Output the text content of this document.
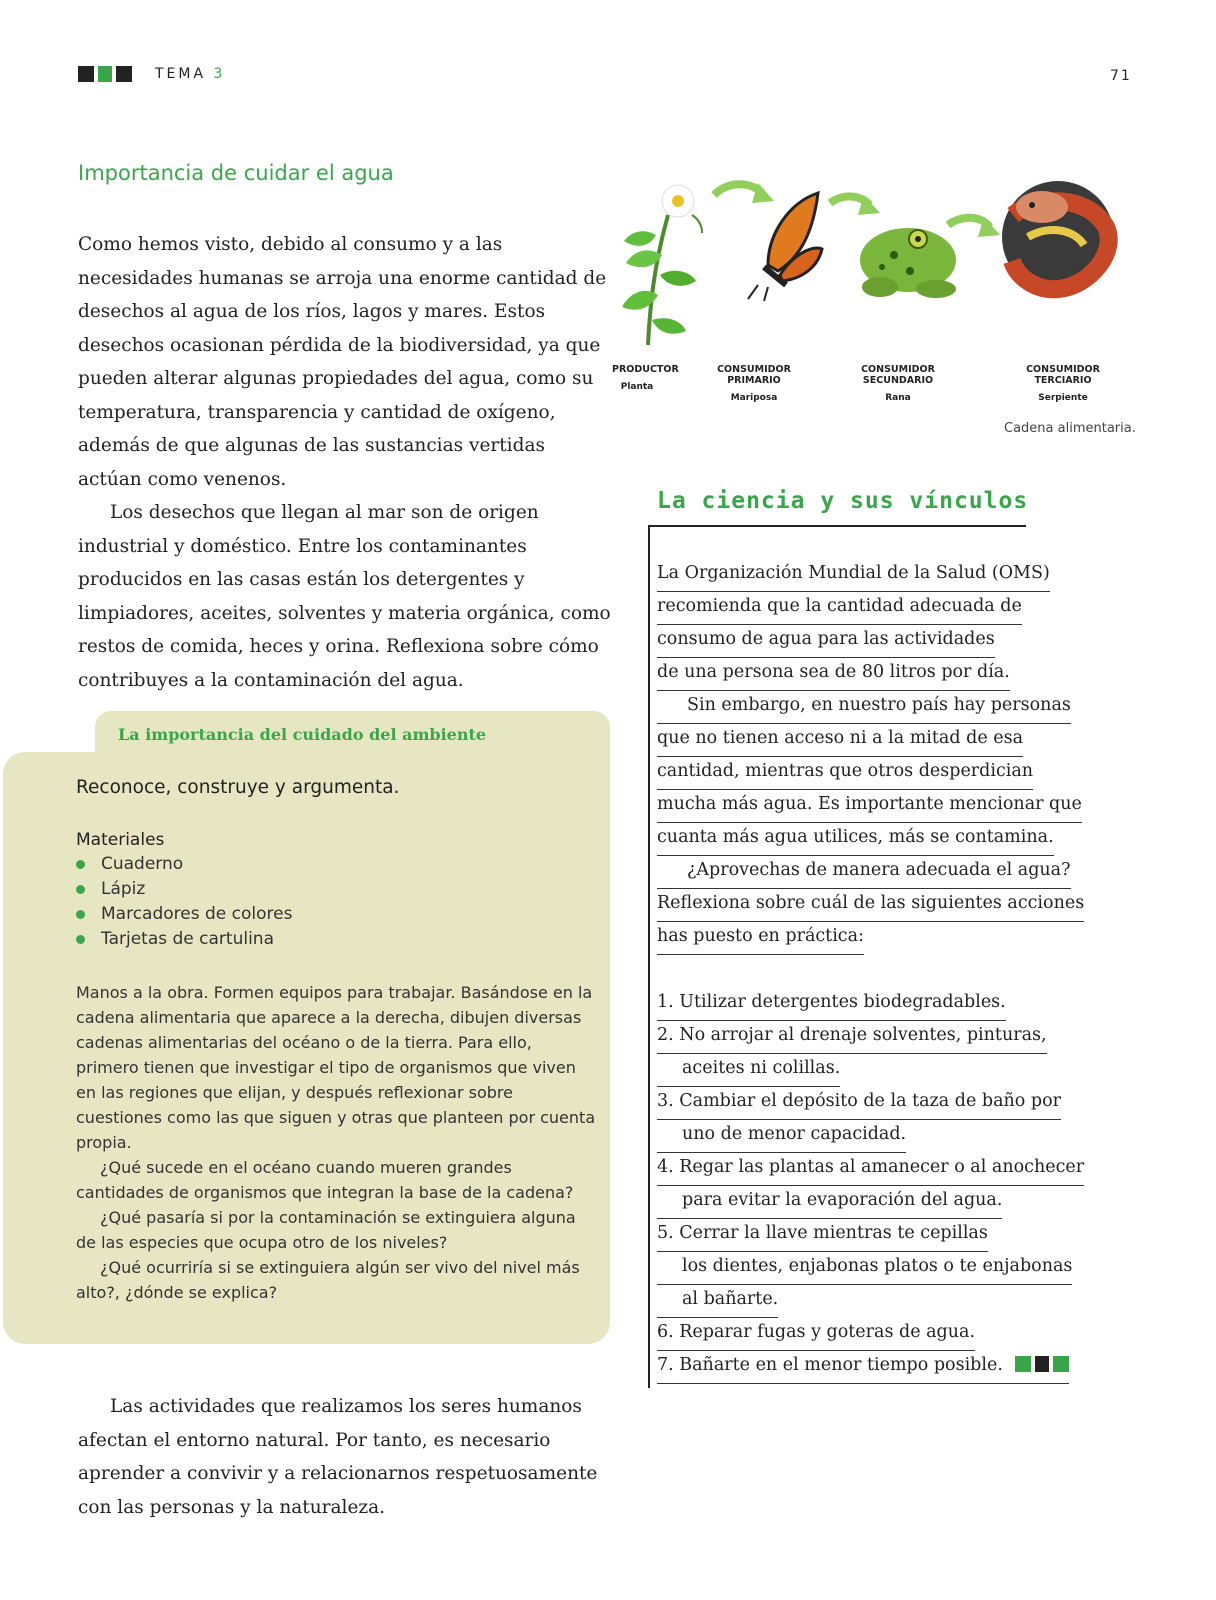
TEMA 3	71
Importancia de cuidar el agua

Como hemos visto, debido al consumo y a las necesidades humanas se arroja una enorme cantidad de desechos al agua de los ríos, lagos y mares. Estos desechos ocasionan pérdida de la biodiversidad, ya que pueden alterar algunas propiedades del agua, como su temperatura, transparencia y cantidad de oxígeno, además de que algunas de las sustancias vertidas actúan como venenos.

Los desechos que llegan al mar son de origen industrial y doméstico. Entre los contaminantes producidos en las casas están los detergentes y limpiadores, aceites, solventes y materia orgánica, como restos de comida, heces y orina. Reflexiona sobre cómo contribuyes a la contaminación del agua.

La importancia del cuidado del ambiente
Reconoce, construye y argumenta.
Materiales
Cuaderno
Lápiz
Marcadores de colores
Tarjetas de cartulina

Manos a la obra. Formen equipos para trabajar. Basándose en la cadena alimentaria que aparece a la derecha, dibujen diversas cadenas alimentarias del océano o de la tierra. Para ello, primero tienen que investigar el tipo de organismos que viven en las regiones que elijan, y después reflexionar sobre cuestiones como las que siguen y otras que planteen por cuenta propia.

¿Qué sucede en el océano cuando mueren grandes cantidades de organismos que integran la base de la cadena?

¿Qué pasaría si por la contaminación se extinguiera alguna de las especies que ocupa otro de los niveles?

¿Qué ocurriría si se extinguiera algún ser vivo del nivel más alto?, ¿dónde se explica?

Las actividades que realizamos los seres humanos afectan el entorno natural. Por tanto, es necesario aprender a convivir y a relacionarnos respetuosamente con las personas y la naturaleza.

PRODUCTOR
Planta
CONSUMIDOR PRIMARIO
Mariposa
CONSUMIDOR SECUNDARIO
Rana
CONSUMIDOR TERCIARIO
Serpiente
Cadena alimentaria.
La ciencia y sus vínculos
La Organización Mundial de la Salud (OMS)
recomienda que la cantidad adecuada de
consumo de agua para las actividades
de una persona sea de 80 litros por día.
Sin embargo, en nuestro país hay personas
que no tienen acceso ni a la mitad de esa
cantidad, mientras que otros desperdician
mucha más agua. Es importante mencionar que
cuanta más agua utilices, más se contamina.
¿Aprovechas de manera adecuada el agua?
Reflexiona sobre cuál de las siguientes acciones
has puesto en práctica:
1. Utilizar detergentes biodegradables.
2. No arrojar al drenaje solventes, pinturas,
aceites ni colillas.
3. Cambiar el depósito de la taza de baño por
uno de menor capacidad.
4. Regar las plantas al amanecer o al anochecer
para evitar la evaporación del agua.
5. Cerrar la llave mientras te cepillas
los dientes, enjabonas platos o te enjabonas
al bañarte.
6. Reparar fugas y goteras de agua.
7. Bañarte en el menor tiempo posible.
